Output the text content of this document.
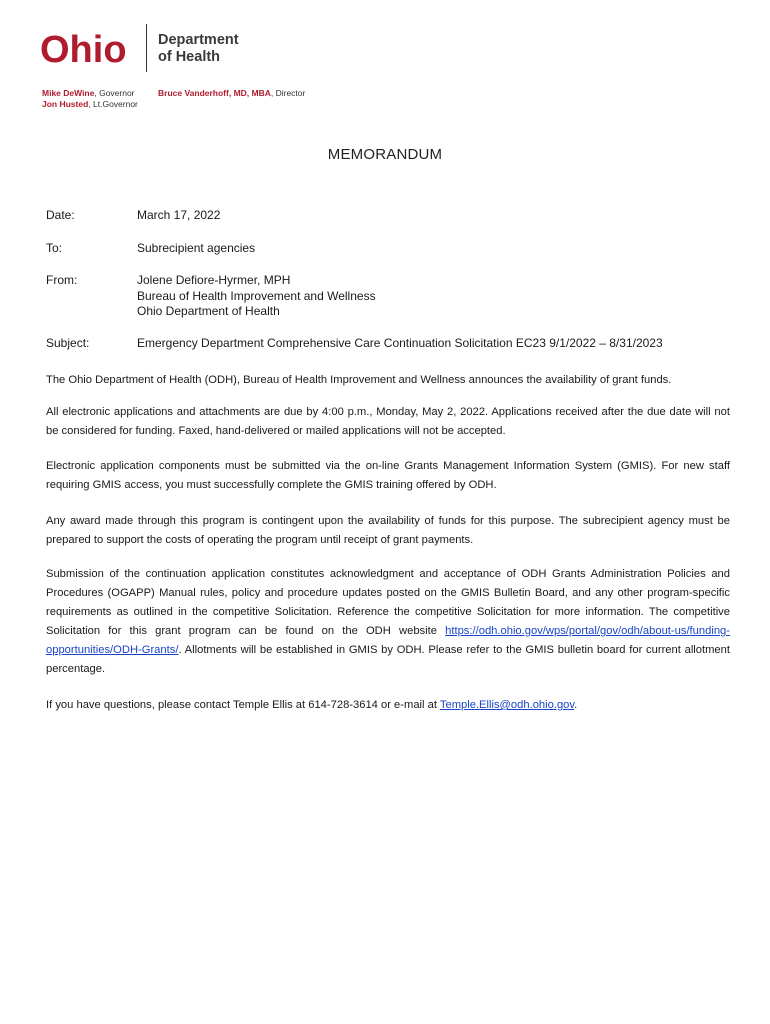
Ohio Department
of Health
Mike DeWine, Governor
Jon Husted, Lt.Governor
Bruce Vanderhoff, MD, MBA, Director
MEMORANDUM
Date:	March 17, 2022
To:	Subrecipient agencies
From:	Jolene Defiore-Hyrmer, MPH
Bureau of Health Improvement and Wellness
Ohio Department of Health
Subject:	Emergency Department Comprehensive Care Continuation Solicitation EC23 9/1/2022 – 8/31/2023

The Ohio Department of Health (ODH), Bureau of Health Improvement and Wellness announces the availability of grant funds.

All electronic applications and attachments are due by 4:00 p.m., Monday, May 2, 2022. Applications received after the due date will not be considered for funding. Faxed, hand-delivered or mailed applications will not be accepted.

Electronic application components must be submitted via the on-line Grants Management Information System (GMIS). For new staff requiring GMIS access, you must successfully complete the GMIS training offered by ODH.

Any award made through this program is contingent upon the availability of funds for this purpose. The subrecipient agency must be prepared to support the costs of operating the program until receipt of grant payments.

Submission of the continuation application constitutes acknowledgment and acceptance of ODH Grants Administration Policies and Procedures (OGAPP) Manual rules, policy and procedure updates posted on the GMIS Bulletin Board, and any other program-specific requirements as outlined in the competitive Solicitation. Reference the competitive Solicitation for more information. The competitive Solicitation for this grant program can be found on the ODH website https://odh.ohio.gov/wps/portal/gov/odh/about-us/funding-opportunities/ODH-Grants/. Allotments will be established in GMIS by ODH. Please refer to the GMIS bulletin board for current allotment percentage.

If you have questions, please contact Temple Ellis at 614-728-3614 or e-mail at Temple.Ellis@odh.ohio.gov.
